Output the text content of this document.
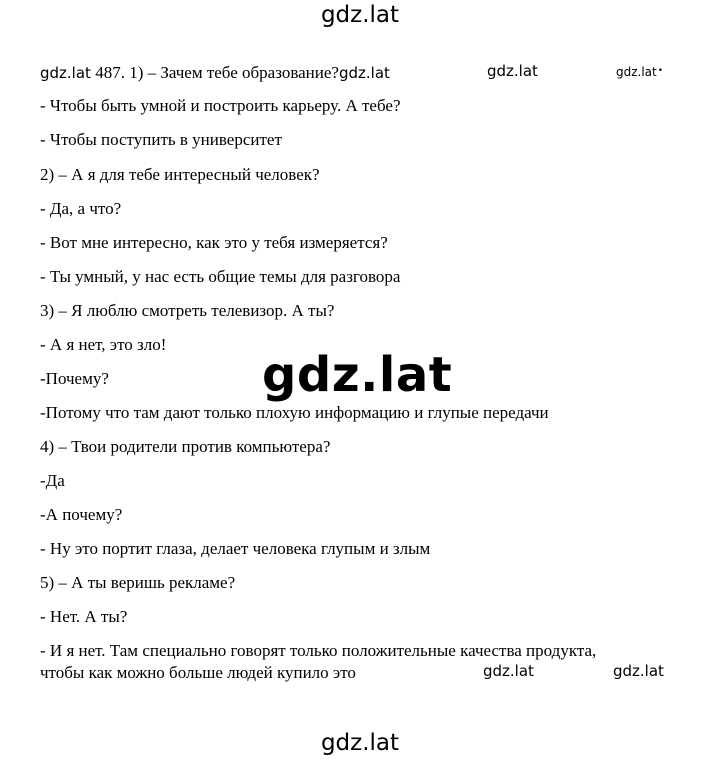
gdz.lat
gdz.lat 487. 1) – Зачем тебе образование?gdz.lat	gdz.lat	gdz.lat •
- Чтобы быть умной и построить карьеру. А тебе?
- Чтобы поступить в университет
2) – А я для тебе интересный человек?
- Да, а что?
- Вот мне интересно, как это у тебя измеряется?
- Ты умный, у нас есть общие темы для разговора
3) – Я люблю смотреть телевизор. А ты?
- А я нет, это зло!
-Почему?
-Потому что там дают только плохую информацию и глупые передачи
4) – Твои родители против компьютера?
-Да
-А почему?
- Ну это портит глаза, делает человека глупым и злым
5) – А ты веришь рекламе?
- Нет. А ты?
- И я нет. Там специально говорят только положительные качества продукта,
чтобы как можно больше людей купило это
gdz.lat
gdz.lat	gdz.lat
gdz.lat
